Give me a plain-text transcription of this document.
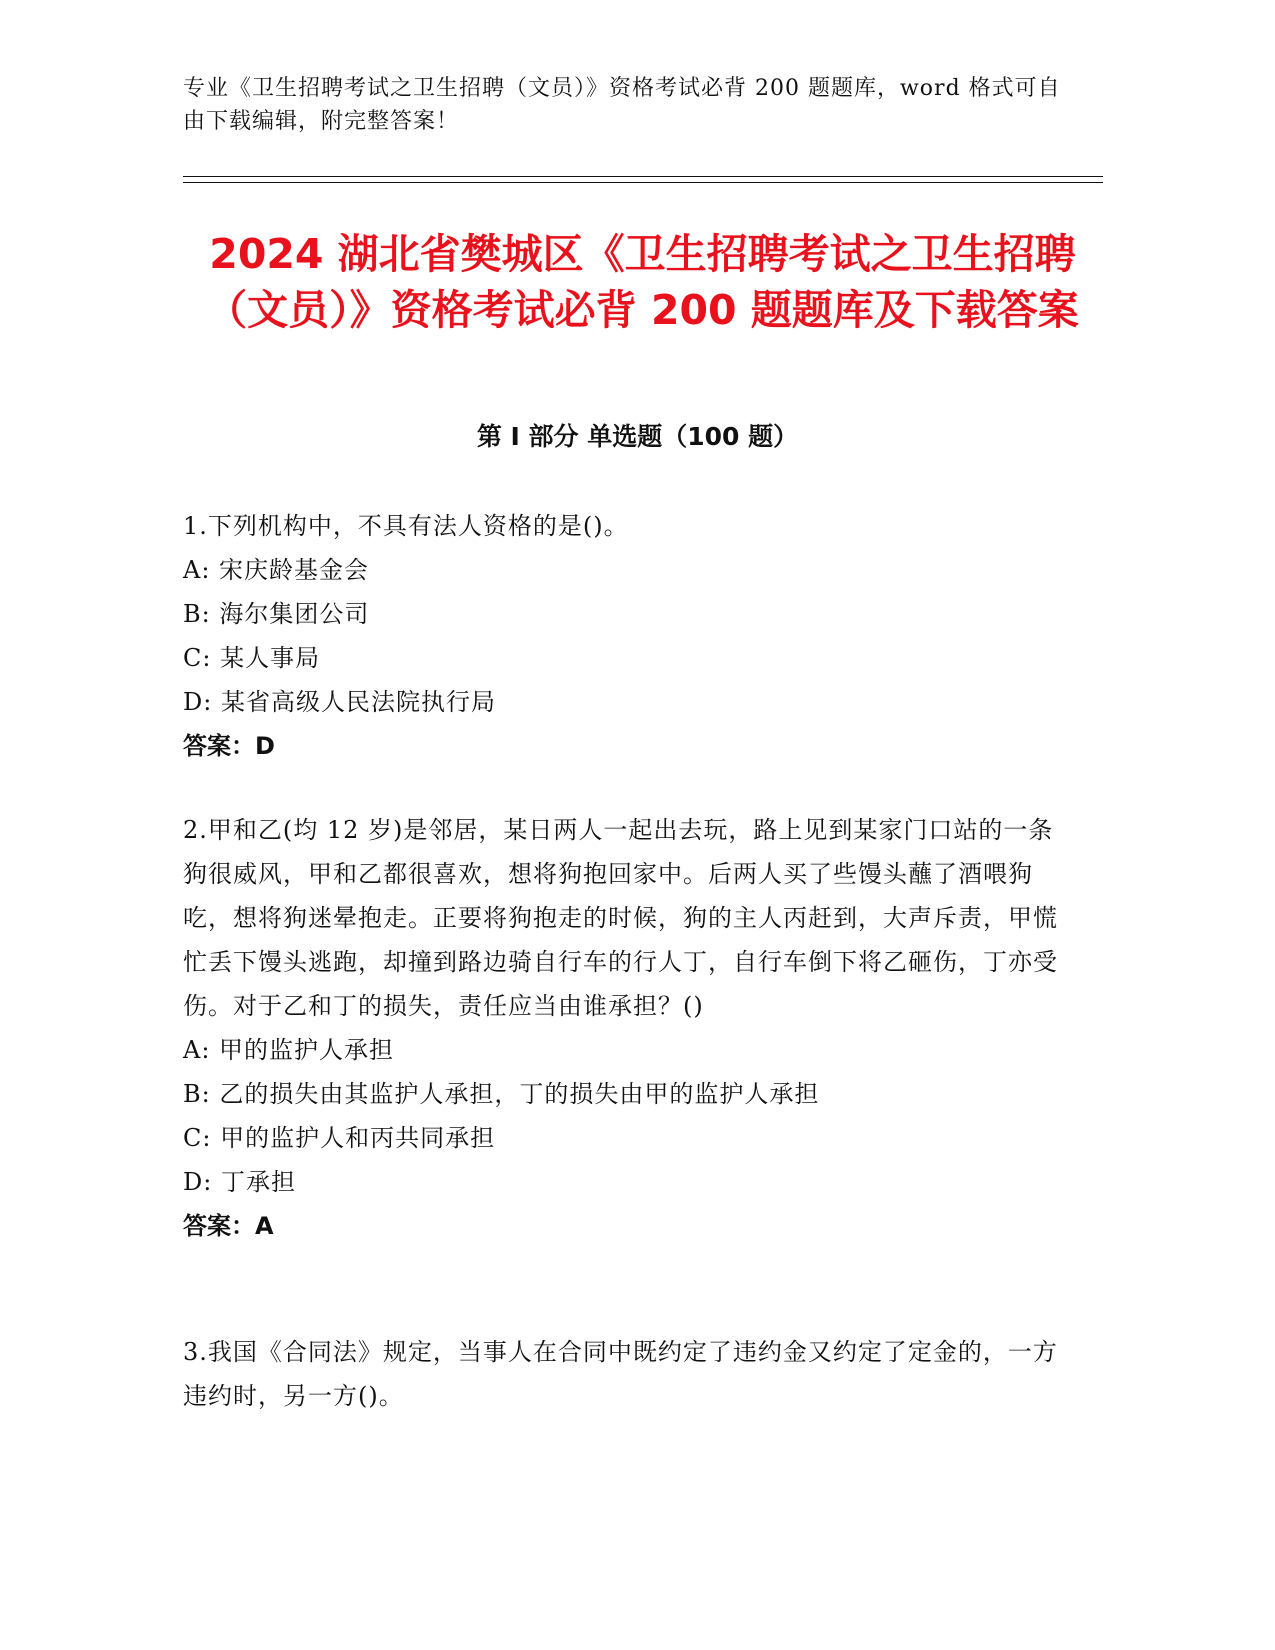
专业《卫生招聘考试之卫生招聘（文员）》资格考试必背 200 题题库，word 格式可自由下载编辑，附完整答案！
2024 湖北省樊城区《卫生招聘考试之卫生招聘（文员）》资格考试必背 200 题题库及下载答案
第 I 部分 单选题（100 题）

1.下列机构中，不具有法人资格的是()。

A: 宋庆龄基金会

B: 海尔集团公司

C: 某人事局

D: 某省高级人民法院执行局

答案：D

2.甲和乙(均 12 岁)是邻居，某日两人一起出去玩，路上见到某家门口站的一条狗很威风，甲和乙都很喜欢，想将狗抱回家中。后两人买了些馒头蘸了酒喂狗吃，想将狗迷晕抱走。正要将狗抱走的时候，狗的主人丙赶到，大声斥责，甲慌忙丢下馒头逃跑，却撞到路边骑自行车的行人丁，自行车倒下将乙砸伤，丁亦受伤。对于乙和丁的损失，责任应当由谁承担？()

A: 甲的监护人承担

B: 乙的损失由其监护人承担，丁的损失由甲的监护人承担

C: 甲的监护人和丙共同承担

D: 丁承担

答案：A

3.我国《合同法》规定，当事人在合同中既约定了违约金又约定了定金的，一方违约时，另一方()。
